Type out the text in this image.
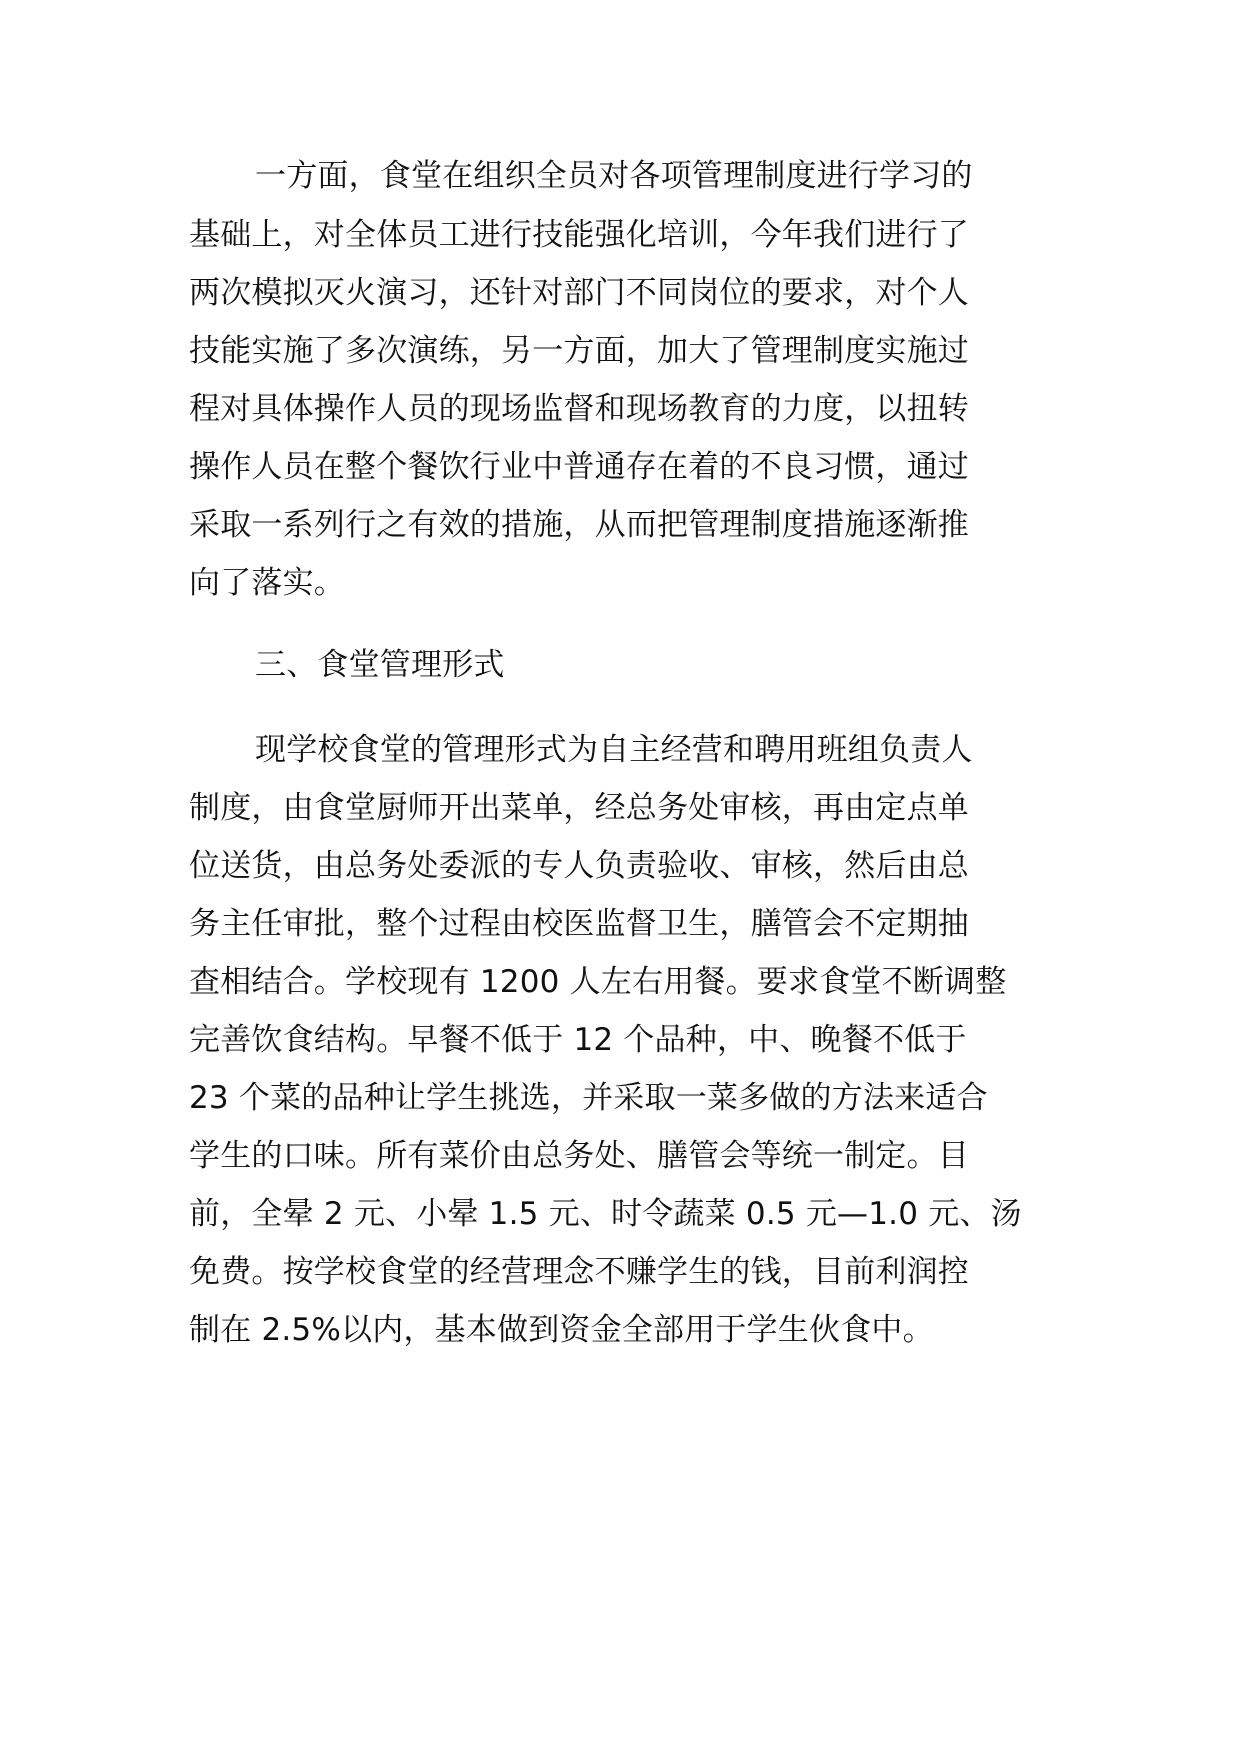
一方面，食堂在组织全员对各项管理制度进行学习的
基础上，对全体员工进行技能强化培训，今年我们进行了
两次模拟灭火演习，还针对部门不同岗位的要求，对个人
技能实施了多次演练，另一方面，加大了管理制度实施过
程对具体操作人员的现场监督和现场教育的力度，以扭转
操作人员在整个餐饮行业中普通存在着的不良习惯，通过
采取一系列行之有效的措施，从而把管理制度措施逐渐推
向了落实。
三、食堂管理形式
现学校食堂的管理形式为自主经营和聘用班组负责人
制度，由食堂厨师开出菜单，经总务处审核，再由定点单
位送货，由总务处委派的专人负责验收、审核，然后由总
务主任审批，整个过程由校医监督卫生，膳管会不定期抽
查相结合。学校现有 1200 人左右用餐。要求食堂不断调整
完善饮食结构。早餐不低于 12 个品种，中、晚餐不低于
23 个菜的品种让学生挑选，并采取一菜多做的方法来适合
学生的口味。所有菜价由总务处、膳管会等统一制定。目
前，全晕 2 元、小晕 1.5 元、时令蔬菜 0.5 元—1.0 元、汤
免费。按学校食堂的经营理念不赚学生的钱，目前利润控
制在 2.5%以内，基本做到资金全部用于学生伙食中。
